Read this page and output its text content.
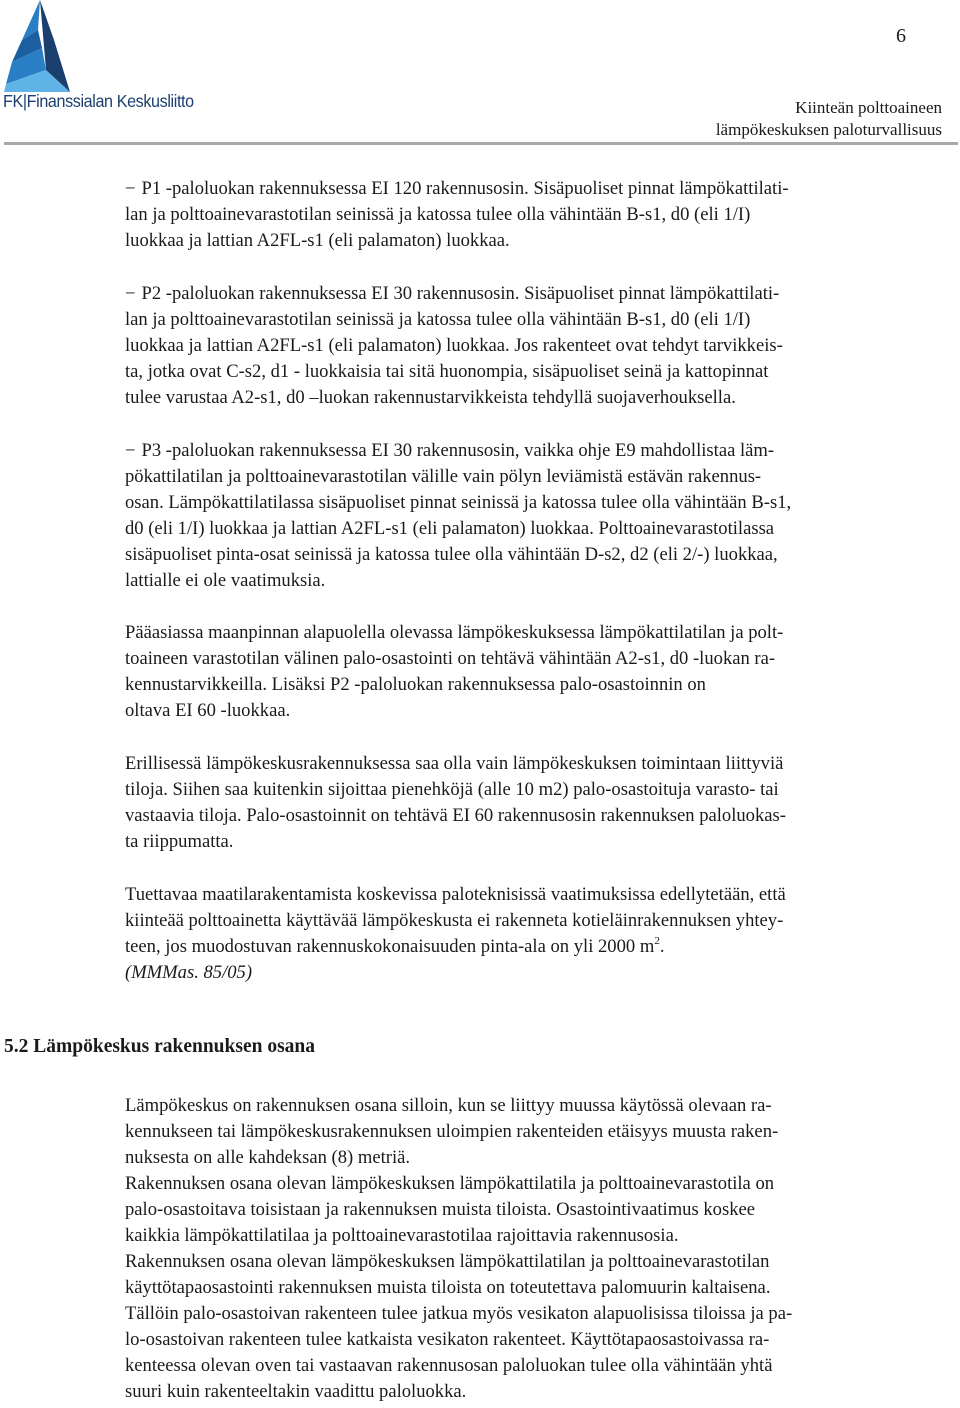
FK|Finanssialan Keskusliitto
6
Kiinteän polttoaineen
lämpökeskuksen paloturvallisuus
− P1 -paloluokan rakennuksessa EI 120 rakennusosin. Sisäpuoliset pinnat lämpökattilati-
lan ja polttoainevarastotilan seinissä ja katossa tulee olla vähintään B-s1, d0 (eli 1/I)
luokkaa ja lattian A2FL-s1 (eli palamaton) luokkaa.
− P2 -paloluokan rakennuksessa EI 30 rakennusosin. Sisäpuoliset pinnat lämpökattilati-
lan ja polttoainevarastotilan seinissä ja katossa tulee olla vähintään B-s1, d0 (eli 1/I)
luokkaa ja lattian A2FL-s1 (eli palamaton) luokkaa. Jos rakenteet ovat tehdyt tarvikkeis-
ta, jotka ovat C-s2, d1 - luokkaisia tai sitä huonompia, sisäpuoliset seinä ja kattopinnat
tulee varustaa A2-s1, d0 –luokan rakennustarvikkeista tehdyllä suojaverhouksella.
− P3 -paloluokan rakennuksessa EI 30 rakennusosin, vaikka ohje E9 mahdollistaa läm-
pökattilatilan ja polttoainevarastotilan välille vain pölyn leviämistä estävän rakennus-
osan. Lämpökattilatilassa sisäpuoliset pinnat seinissä ja katossa tulee olla vähintään B-s1,
d0 (eli 1/I) luokkaa ja lattian A2FL-s1 (eli palamaton) luokkaa. Polttoainevarastotilassa
sisäpuoliset pinta-osat seinissä ja katossa tulee olla vähintään D-s2, d2 (eli 2/-) luokkaa,
lattialle ei ole vaatimuksia.
Pääasiassa maanpinnan alapuolella olevassa lämpökeskuksessa lämpökattilatilan ja polt-
toaineen varastotilan välinen palo-osastointi on tehtävä vähintään A2-s1, d0 -luokan ra-
kennustarvikkeilla. Lisäksi P2 -paloluokan rakennuksessa palo-osastoinnin on
oltava EI 60 -luokkaa.
Erillisessä lämpökeskusrakennuksessa saa olla vain lämpökeskuksen toimintaan liittyviä
tiloja. Siihen saa kuitenkin sijoittaa pienehköjä (alle 10 m2) palo-osastoituja varasto- tai
vastaavia tiloja. Palo-osastoinnit on tehtävä EI 60 rakennusosin rakennuksen paloluokas-
ta riippumatta.
Tuettavaa maatilarakentamista koskevissa paloteknisissä vaatimuksissa edellytetään, että
kiinteää polttoainetta käyttävää lämpökeskusta ei rakenneta kotieläinrakennuksen yhtey-
teen, jos muodostuvan rakennuskokonaisuuden pinta-ala on yli 2000 $m^2$.
(MMMas. 85/05)
5.2 Lämpökeskus rakennuksen osana
Lämpökeskus on rakennuksen osana silloin, kun se liittyy muussa käytössä olevaan ra-
kennukseen tai lämpökeskusrakennuksen uloimpien rakenteiden etäisyys muusta raken-
nuksesta on alle kahdeksan (8) metriä.
Rakennuksen osana olevan lämpökeskuksen lämpökattilatila ja polttoainevarastotila on
palo-osastoitava toisistaan ja rakennuksen muista tiloista. Osastointivaatimus koskee
kaikkia lämpökattilatilaa ja polttoainevarastotilaa rajoittavia rakennusosia.
Rakennuksen osana olevan lämpökeskuksen lämpökattilatilan ja polttoainevarastotilan
käyttötapaosastointi rakennuksen muista tiloista on toteutettava palomuurin kaltaisena.
Tällöin palo-osastoivan rakenteen tulee jatkua myös vesikaton alapuolisissa tiloissa ja pa-
lo-osastoivan rakenteen tulee katkaista vesikaton rakenteet. Käyttötapaosastoivassa ra-
kenteessa olevan oven tai vastaavan rakennusosan paloluokan tulee olla vähintään yhtä
suuri kuin rakenteeltakin vaadittu paloluokka.
